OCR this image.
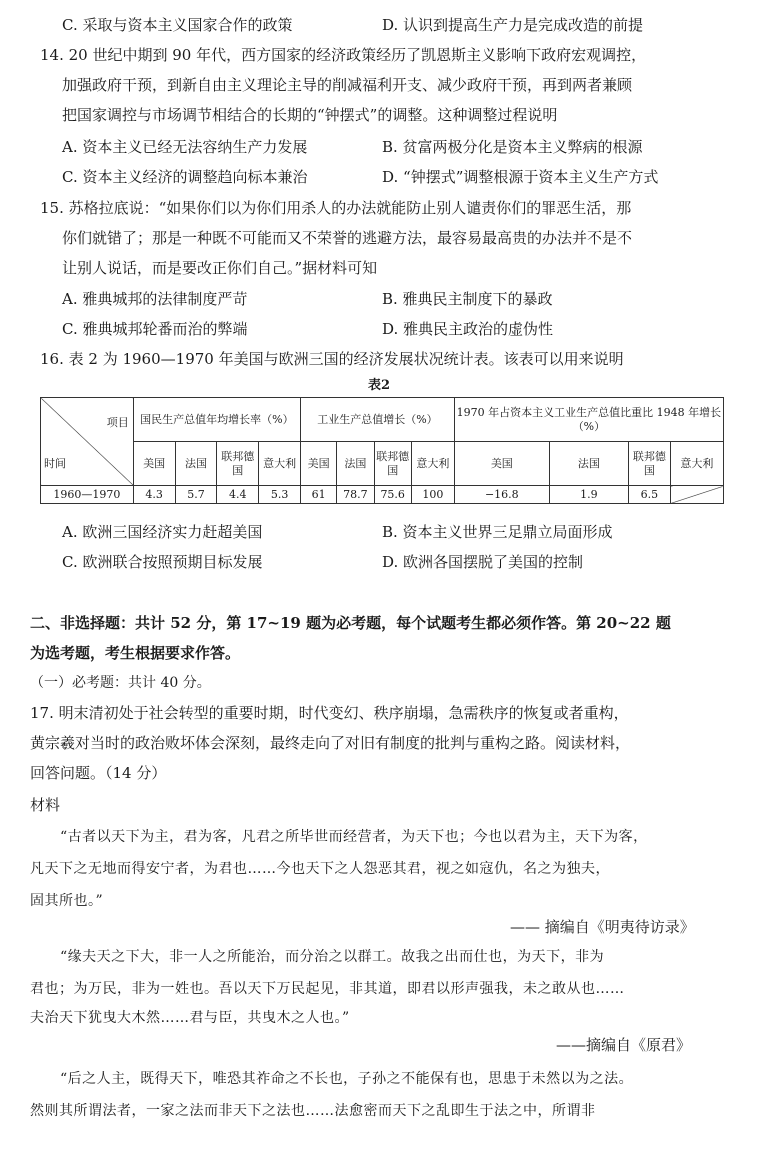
C. 采取与资本主义国家合作的政策	D. 认识到提高生产力是完成改造的前提
14. 20 世纪中期到 90 年代，西方国家的经济政策经历了凯恩斯主义影响下政府宏观调控，
加强政府干预，到新自由主义理论主导的削减福利开支、减少政府干预，再到两者兼顾
把国家调控与市场调节相结合的长期的“钟摆式”的调整。这种调整过程说明
A. 资本主义已经无法容纳生产力发展	B. 贫富两极分化是资本主义弊病的根源
C. 资本主义经济的调整趋向标本兼治	D. “钟摆式”调整根源于资本主义生产方式
15. 苏格拉底说：“如果你们以为你们用杀人的办法就能防止别人谴责你们的罪恶生活，那
你们就错了；那是一种既不可能而又不荣誉的逃避方法，最容易最高贵的办法并不是不
让别人说话，而是要改正你们自己。”据材料可知
A. 雅典城邦的法律制度严苛	B. 雅典民主制度下的暴政
C. 雅典城邦轮番而治的弊端	D. 雅典民主政治的虚伪性
16. 表 2 为 1960—1970 年美国与欧洲三国的经济发展状况统计表。该表可以用来说明
表2
项目
时间	国民生产总值年均增长率（%）				工业生产总值增长（%）				1970 年占资本主义工业生产总值比重比 1948 年增长（%）			
	美国	法国	联邦德国	意大利	美国	法国	联邦德国	意大利	美国	法国	联邦德国	意大利
1960—1970	4.3	5.7	4.4	5.3	61	78.7	75.6	100	−16.8	1.9	6.5	
A. 欧洲三国经济实力赶超美国	B. 资本主义世界三足鼎立局面形成
C. 欧洲联合按照预期目标发展	D. 欧洲各国摆脱了美国的控制
二、非选择题：共计 52 分，第 17~19 题为必考题，每个试题考生都必须作答。第 20~22 题
为选考题，考生根据要求作答。
（一）必考题：共计 40 分。
17. 明末清初处于社会转型的重要时期，时代变幻、秩序崩塌，急需秩序的恢复或者重构，
黄宗羲对当时的政治败坏体会深刻，最终走向了对旧有制度的批判与重构之路。阅读材料，
回答问题。（14 分）
材料
“古者以天下为主，君为客，凡君之所毕世而经营者，为天下也；今也以君为主，天下为客，
凡天下之无地而得安宁者，为君也……今也天下之人怨恶其君，视之如寇仇，名之为独夫，
固其所也。”
—— 摘编自《明夷待访录》
“缘夫天之下大，非一人之所能治，而分治之以群工。故我之出而仕也，为天下，非为
君也；为万民，非为一姓也。吾以天下万民起见，非其道，即君以形声强我，未之敢从也……
夫治天下犹曳大木然……君与臣，共曳木之人也。”
——摘编自《原君》
“后之人主，既得天下，唯恐其祚命之不长也，子孙之不能保有也，思患于未然以为之法。
然则其所谓法者，一家之法而非天下之法也……法愈密而天下之乱即生于法之中，所谓非
